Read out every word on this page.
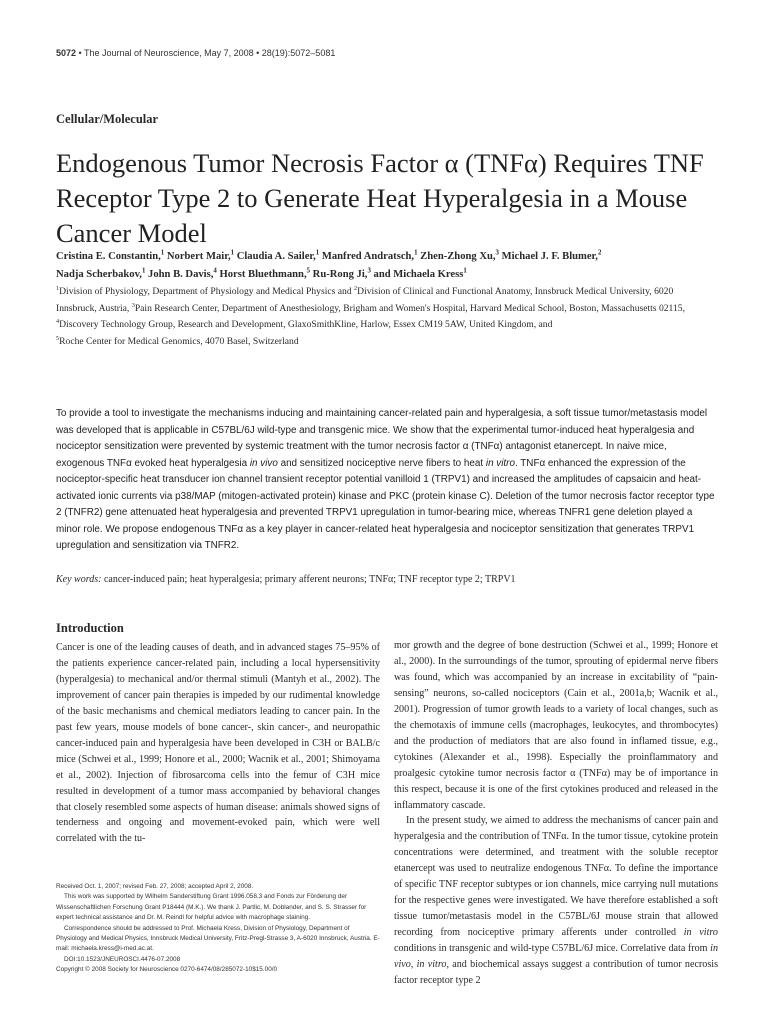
5072 • The Journal of Neuroscience, May 7, 2008 • 28(19):5072–5081
Cellular/Molecular
Endogenous Tumor Necrosis Factor α (TNFα) Requires TNF Receptor Type 2 to Generate Heat Hyperalgesia in a Mouse Cancer Model
Cristina E. Constantin,$^1$ Norbert Mair,$^1$ Claudia A. Sailer,$^1$ Manfred Andratsch,$^1$ Zhen-Zhong Xu,$^3$ Michael J. F. Blumer,$^2$
Nadja Scherbakov,$^1$ John B. Davis,$^4$ Horst Bluethmann,$^5$ Ru-Rong Ji,$^3$ and Michaela Kress$^1$
$^1$Division of Physiology, Department of Physiology and Medical Physics and $^2$Division of Clinical and Functional Anatomy, Innsbruck Medical University, 6020 Innsbruck, Austria, $^3$Pain Research Center, Department of Anesthesiology, Brigham and Women's Hospital, Harvard Medical School, Boston, Massachusetts 02115, $^4$Discovery Technology Group, Research and Development, GlaxoSmithKline, Harlow, Essex CM19 5AW, United Kingdom, and
$^5$Roche Center for Medical Genomics, 4070 Basel, Switzerland
To provide a tool to investigate the mechanisms inducing and maintaining cancer-related pain and hyperalgesia, a soft tissue tumor/metastasis model was developed that is applicable in C57BL/6J wild-type and transgenic mice. We show that the experimental tumor-induced heat hyperalgesia and nociceptor sensitization were prevented by systemic treatment with the tumor necrosis factor α (TNFα) antagonist etanercept. In naive mice, exogenous TNFα evoked heat hyperalgesia in vivo and sensitized nociceptive nerve fibers to heat in vitro. TNFα enhanced the expression of the nociceptor-specific heat transducer ion channel transient receptor potential vanilloid 1 (TRPV1) and increased the amplitudes of capsaicin and heat-activated ionic currents via p38/MAP (mitogen-activated protein) kinase and PKC (protein kinase C). Deletion of the tumor necrosis factor receptor type 2 (TNFR2) gene attenuated heat hyperalgesia and prevented TRPV1 upregulation in tumor-bearing mice, whereas TNFR1 gene deletion played a minor role. We propose endogenous TNFα as a key player in cancer-related heat hyperalgesia and nociceptor sensitization that generates TRPV1 upregulation and sensitization via TNFR2.
Key words: cancer-induced pain; heat hyperalgesia; primary afferent neurons; TNFα; TNF receptor type 2; TRPV1
Introduction

Cancer is one of the leading causes of death, and in advanced stages 75–95% of the patients experience cancer-related pain, including a local hypersensitivity (hyperalgesia) to mechanical and/or thermal stimuli (Mantyh et al., 2002). The improvement of cancer pain therapies is impeded by our rudimental knowledge of the basic mechanisms and chemical mediators leading to cancer pain. In the past few years, mouse models of bone cancer-, skin cancer-, and neuropathic cancer-induced pain and hyperalgesia have been developed in C3H or BALB/c mice (Schwei et al., 1999; Honore et al., 2000; Wacnik et al., 2001; Shimoyama et al., 2002). Injection of fibrosarcoma cells into the femur of C3H mice resulted in development of a tumor mass accompanied by behavioral changes that closely resembled some aspects of human disease: animals showed signs of tenderness and ongoing and movement-evoked pain, which were well correlated with the tu-

mor growth and the degree of bone destruction (Schwei et al., 1999; Honore et al., 2000). In the surroundings of the tumor, sprouting of epidermal nerve fibers was found, which was accompanied by an increase in excitability of “pain-sensing” neurons, so-called nociceptors (Cain et al., 2001a,b; Wacnik et al., 2001). Progression of tumor growth leads to a variety of local changes, such as the chemotaxis of immune cells (macrophages, leukocytes, and thrombocytes) and the production of mediators that are also found in inflamed tissue, e.g., cytokines (Alexander et al., 1998). Especially the proinflammatory and proalgesic cytokine tumor necrosis factor α (TNFα) may be of importance in this respect, because it is one of the first cytokines produced and released in the inflammatory cascade.

In the present study, we aimed to address the mechanisms of cancer pain and hyperalgesia and the contribution of TNFα. In the tumor tissue, cytokine protein concentrations were determined, and treatment with the soluble receptor etanercept was used to neutralize endogenous TNFα. To define the importance of specific TNF receptor subtypes or ion channels, mice carrying null mutations for the respective genes were investigated. We have therefore established a soft tissue tumor/metastasis model in the C57BL/6J mouse strain that allowed recording from nociceptive primary afferents under controlled in vitro conditions in transgenic and wild-type C57BL/6J mice. Correlative data from in vivo, in vitro, and biochemical assays suggest a contribution of tumor necrosis factor receptor type 2

Received Oct. 1, 2007; revised Feb. 27, 2008; accepted April 2, 2008.

This work was supported by Wilhelm Sanderstiftung Grant 1996.058.3 and Fonds zur Förderung der Wissenschaftlichen Forschung Grant P18444 (M.K.). We thank J. Partlic, M. Doblander, and S. S. Strasser for expert technical assistance and Dr. M. Reindl for helpful advice with macrophage staining.

Correspondence should be addressed to Prof. Michaela Kress, Division of Physiology, Department of Physiology and Medical Physics, Innsbruck Medical University, Fritz-Pregl-Strasse 3, A-6020 Innsbruck, Austria. E-mail: michaela.kress@i-med.ac.at.

DOI:10.1523/JNEUROSCI.4476-07.2008

Copyright © 2008 Society for Neuroscience 0270-6474/08/285072-10$15.00/0
